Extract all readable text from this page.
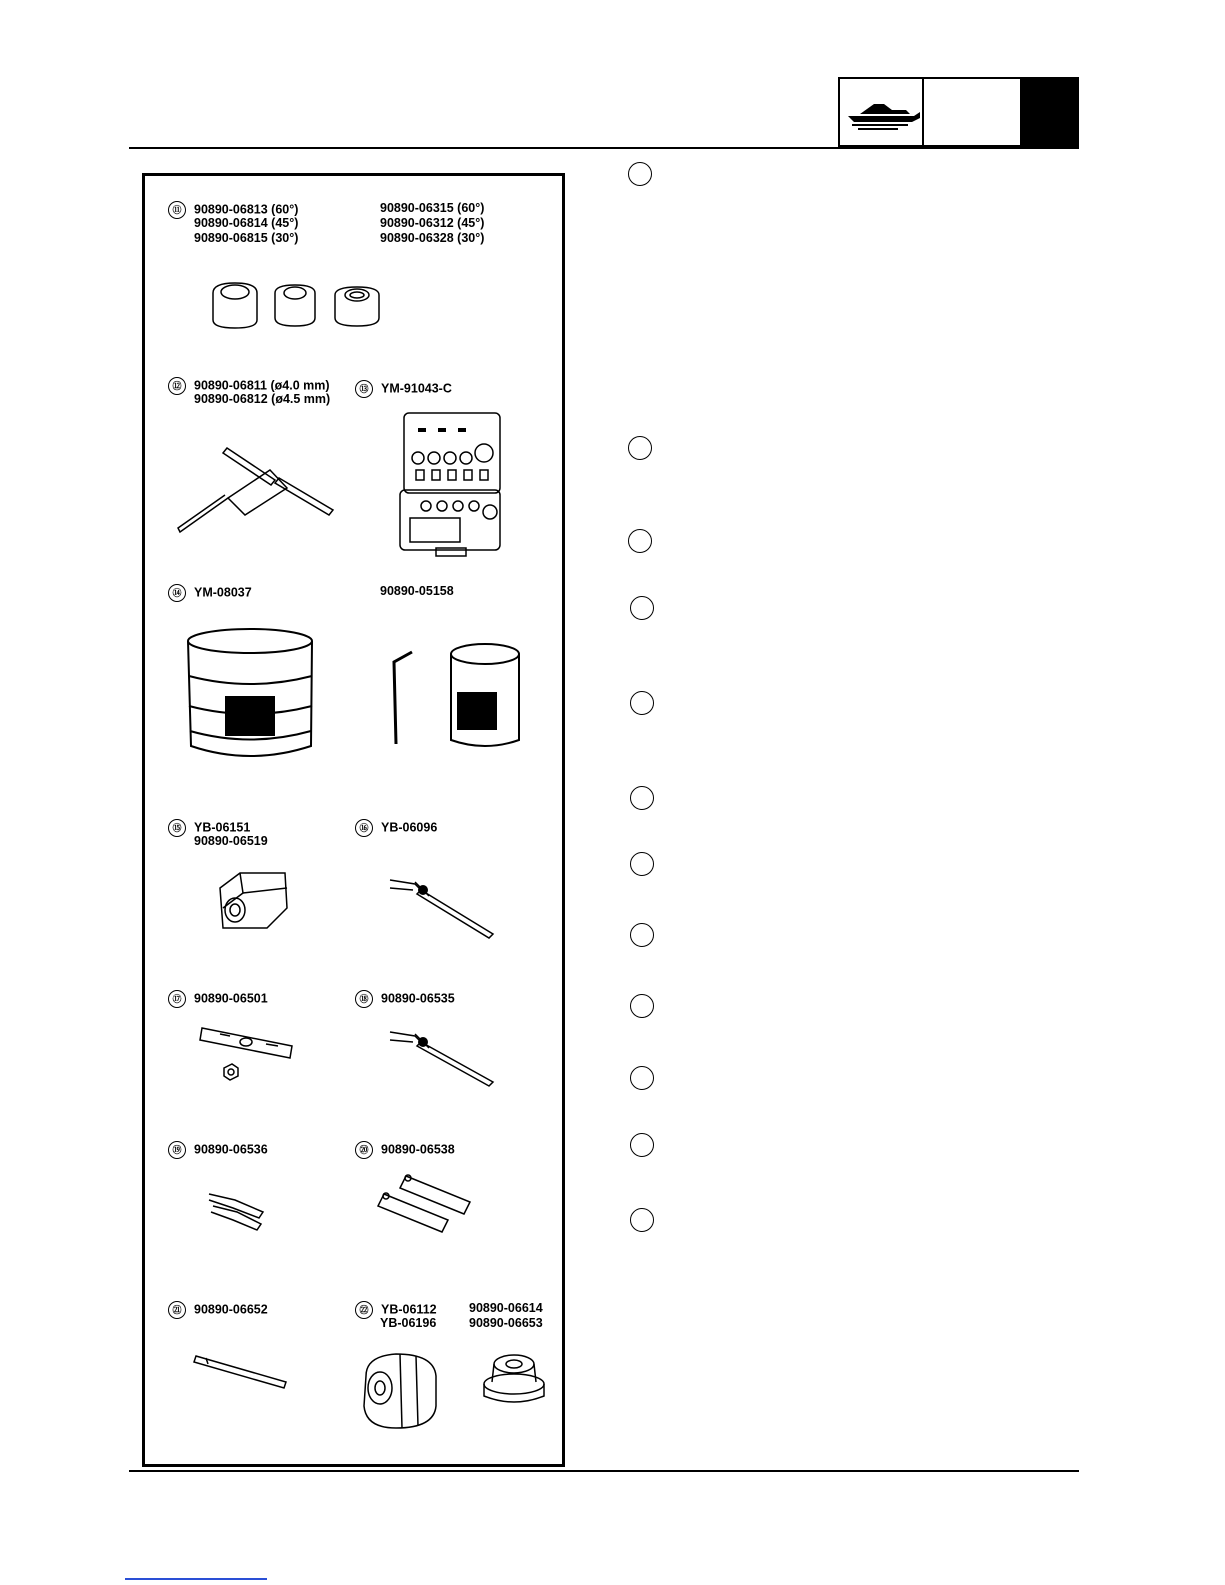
⑪ 90890-06813 (60°)
90890-06814 (45°)
90890-06815 (30°)
90890-06315 (60°)
90890-06312 (45°)
90890-06328 (30°)
⑫ 90890-06811 (ø4.0 mm)
90890-06812 (ø4.5 mm)
⑬ YM-91043-C
⑭ YM-08037	90890-05158
⑮ YB-06151
90890-06519
⑯ YB-06096
⑰ 90890-06501	⑱ 90890-06535
⑲ 90890-06536	⑳ 90890-06538
㉑ 90890-06652	㉒ YB-06112
YB-06196
90890-06614
90890-06653
